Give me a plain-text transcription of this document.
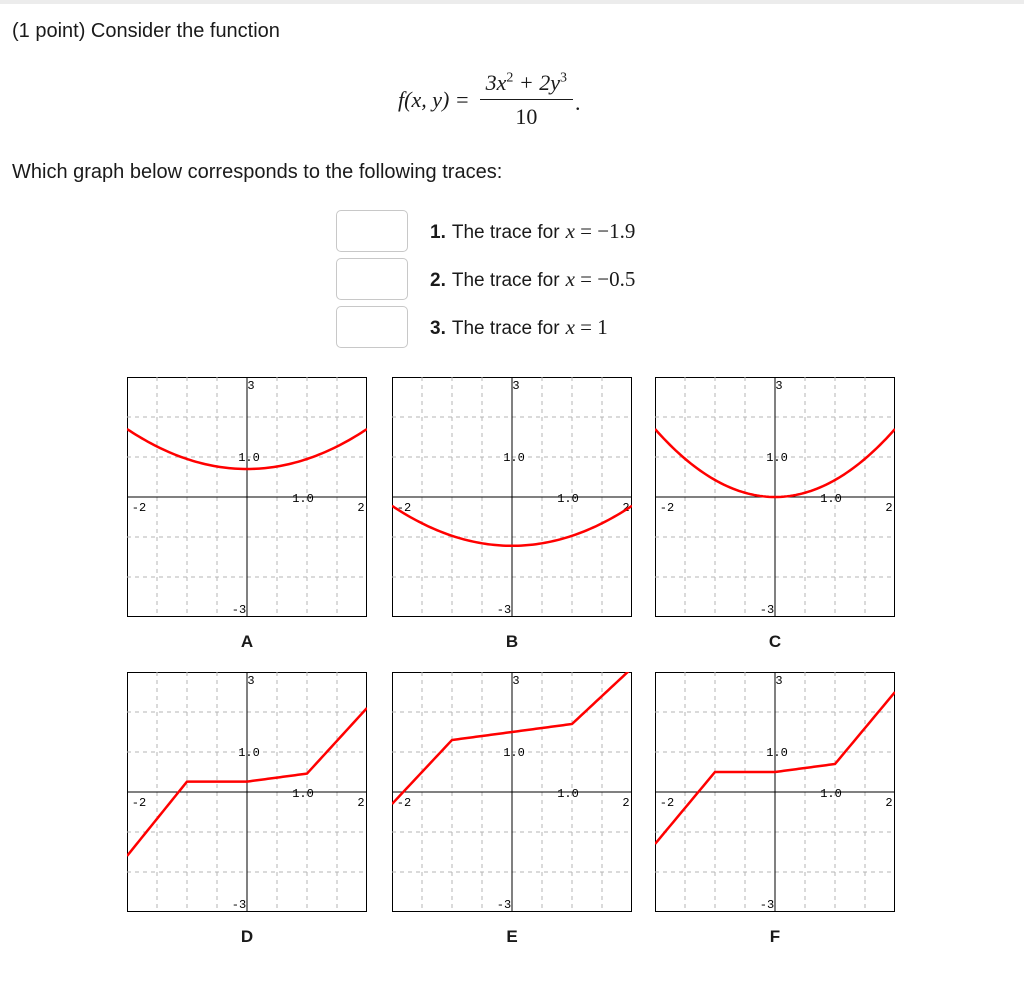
(1 point) Consider the function
f(x, $y) = \frac{3x^2 + 2y^3}{10}$ .
Which graph below corresponds to the following traces:
1. The trace for x = −1.9
2. The trace for x = −0.5
3. The trace for x = 1
3
1.0
1.0
-2	2
-3
3
1.0
1.0
-2	2
-3
3
1.0
1.0
-2	2
-3
3
1.0
1.0
-2	2
-3
3
1.0
1.0
-2	2
-3
3
1.0
1.0
-2	2
-3
A	B	C
D	E	F
